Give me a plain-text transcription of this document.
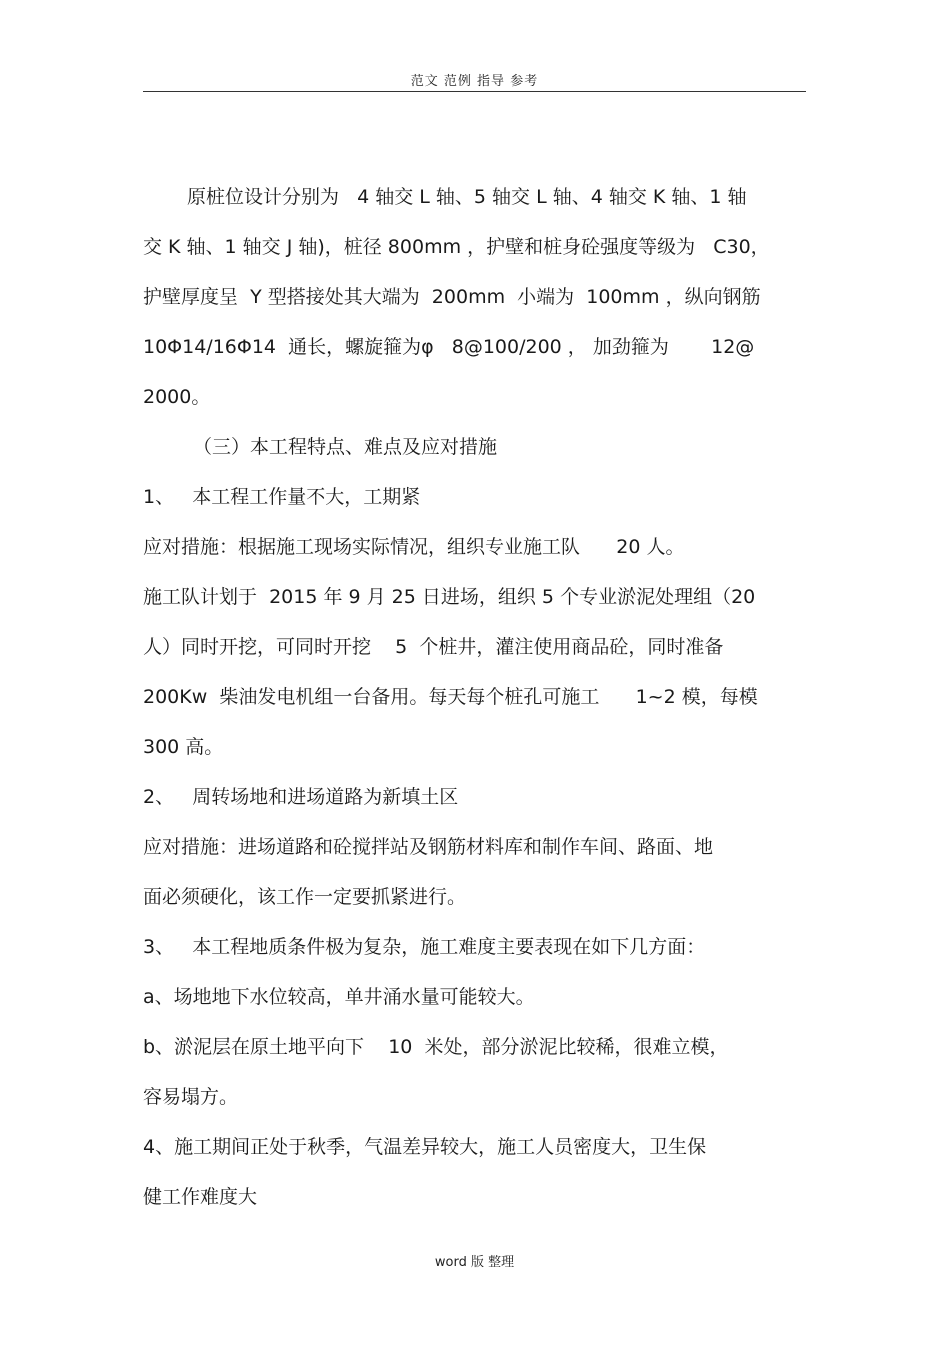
范文 范例 指导 参考
原桩位设计分别为   4 轴交 L 轴、5 轴交 L 轴、4 轴交 K 轴、1 轴
交 K 轴、1 轴交 J 轴)，桩径 800mm ，护壁和桩身砼强度等级为   C30，
护壁厚度呈  Y 型搭接处其大端为  200mm  小端为  100mm ，纵向钢筋
10Φ14/16Φ14  通长，螺旋箍为φ   8@100/200 ， 加劲箍为       12@
2000。
（三）本工程特点、难点及应对措施
1、   本工程工作量不大，工期紧
应对措施：根据施工现场实际情况，组织专业施工队      20 人。
施工队计划于  2015 年 9 月 25 日进场，组织 5 个专业淤泥处理组（20
人）同时开挖，可同时开挖    5  个桩井，灌注使用商品砼，同时准备
200Kw  柴油发电机组一台备用。每天每个桩孔可施工      1~2 模，每模
300 高。
2、   周转场地和进场道路为新填土区
应对措施：进场道路和砼搅拌站及钢筋材料库和制作车间、路面、地
面必须硬化，该工作一定要抓紧进行。
3、   本工程地质条件极为复杂，施工难度主要表现在如下几方面：
a、场地地下水位较高，单井涌水量可能较大。
b、淤泥层在原土地平向下    10  米处，部分淤泥比较稀，很难立模，
容易塌方。
4、施工期间正处于秋季，气温差异较大，施工人员密度大，卫生保
健工作难度大
word 版 整理
